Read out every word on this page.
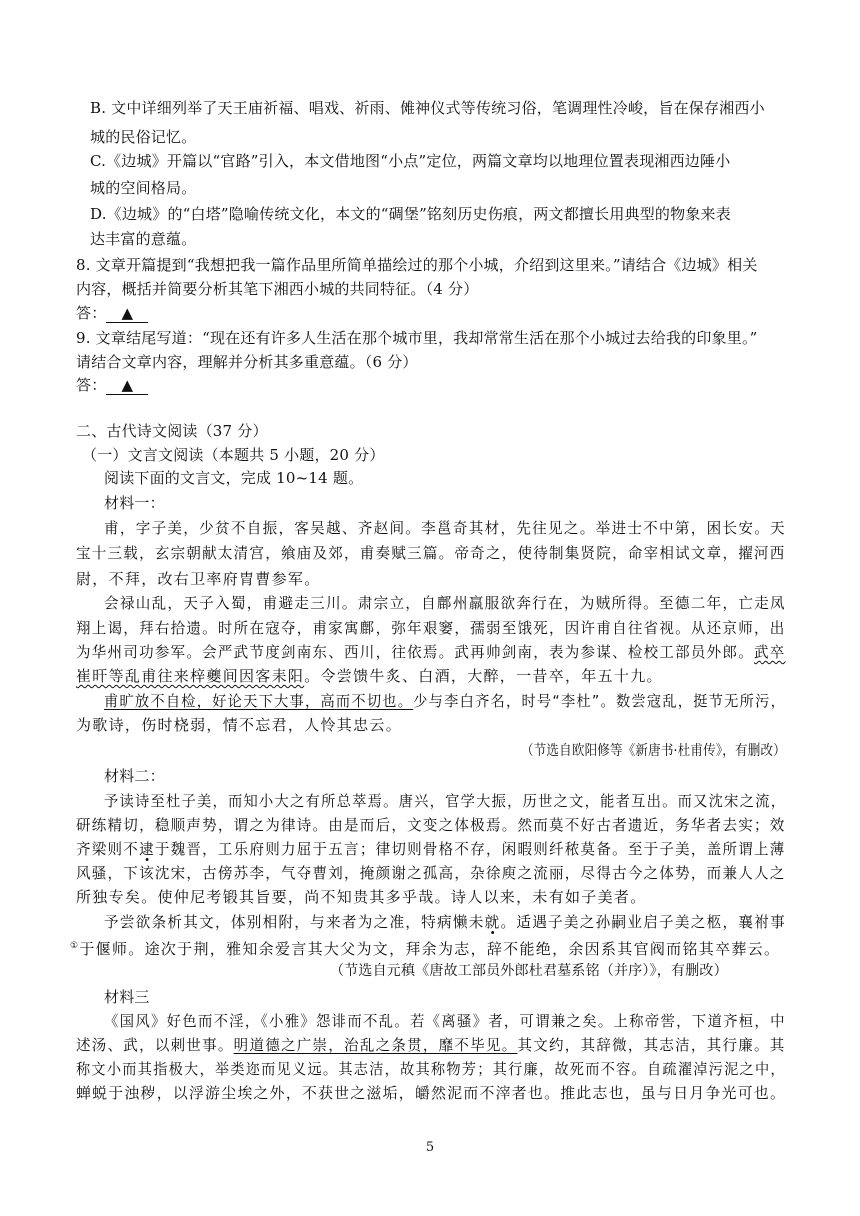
B. 文中详细列举了天王庙祈福、唱戏、祈雨、傩神仪式等传统习俗，笔调理性冷峻，旨在保存湘西小
城的民俗记忆。
C.《边城》开篇以“官路”引入，本文借地图“小点”定位，两篇文章均以地理位置表现湘西边陲小
城的空间格局。
D.《边城》的“白塔”隐喻传统文化，本文的“碉堡”铭刻历史伤痕，两文都擅长用典型的物象来表
达丰富的意蕴。
8. 文章开篇提到“我想把我一篇作品里所简单描绘过的那个小城，介绍到这里来。”请结合《边城》相关
内容，概括并简要分析其笔下湘西小城的共同特征。（4 分）
答： ▲
9. 文章结尾写道：“现在还有许多人生活在那个城市里，我却常常生活在那个小城过去给我的印象里。”
请结合文章内容，理解并分析其多重意蕴。（6 分）
答： ▲
二、古代诗文阅读（37 分）
（一）文言文阅读（本题共 5 小题，20 分）
阅读下面的文言文，完成 10~14 题。
材料一：
甫，字子美，少贫不自振，客吴越、齐赵间。李邕奇其材，先往见之。举进士不中第，困长安。天
宝十三载，玄宗朝献太清宫，飨庙及郊，甫奏赋三篇。帝奇之，使待制集贤院，命宰相试文章，擢河西
尉，不拜，改右卫率府胄曹参军。
会禄山乱，天子入蜀，甫避走三川。肃宗立，自鄜州羸服欲奔行在，为贼所得。至德二年，亡走凤
翔上谒，拜右拾遗。时所在寇夺，甫家寓鄜，弥年艰窭，孺弱至饿死，因许甫自往省视。从还京师，出
为华州司功参军。会严武节度剑南东、西川，往依焉。武再帅剑南，表为参谋、检校工部员外郎。武卒
崔旰等乱甫往来梓夔间因客耒阳。令尝馈牛炙、白酒，大醉，一昔卒，年五十九。
甫旷放不自检，好论天下大事，高而不切也。少与李白齐名，时号“李杜”。数尝寇乱，挺节无所污，
为歌诗，伤时桡弱，情不忘君，人怜其忠云。
（节选自欧阳修等《新唐书·杜甫传》，有删改）
材料二：
予读诗至杜子美，而知小大之有所总萃焉。唐兴，官学大振，历世之文，能者互出。而又沈宋之流，
研练精切，稳顺声势，谓之为律诗。由是而后，文变之体极焉。然而莫不好古者遗近，务华者去实；效
齐梁则不逮于魏晋，工乐府则力屈于五言；律切则骨格不存，闲暇则纤秾莫备。至于子美，盖所谓上薄
风骚，下该沈宋，古傍苏李，气夺曹刘，掩颜谢之孤高，杂徐庾之流丽，尽得古今之体势，而兼人人之
所独专矣。使仲尼考锻其旨要，尚不知贵其多乎哉。诗人以来，未有如子美者。
予尝欲条析其文，体别相附，与来者为之准，特病懒未就。适遇子美之孙嗣业启子美之柩，襄祔事
①于偃师。途次于荆，雅知余爱言其大父为文，拜余为志，辞不能绝，余因系其官阀而铭其卒葬云。
（节选自元稹《唐故工部员外郎杜君墓系铭（并序）》，有删改）
材料三
《国风》好色而不淫，《小雅》怨诽而不乱。若《离骚》者，可谓兼之矣。上称帝喾，下道齐桓，中
述汤、武，以刺世事。明道德之广崇，治乱之条贯，靡不毕见。其文约，其辞微，其志洁，其行廉。其
称文小而其指极大，举类迩而见义远。其志洁，故其称物芳；其行廉，故死而不容。自疏濯淖污泥之中，
蝉蜕于浊秽，以浮游尘埃之外，不获世之滋垢，皭然泥而不滓者也。推此志也，虽与日月争光可也。
5
